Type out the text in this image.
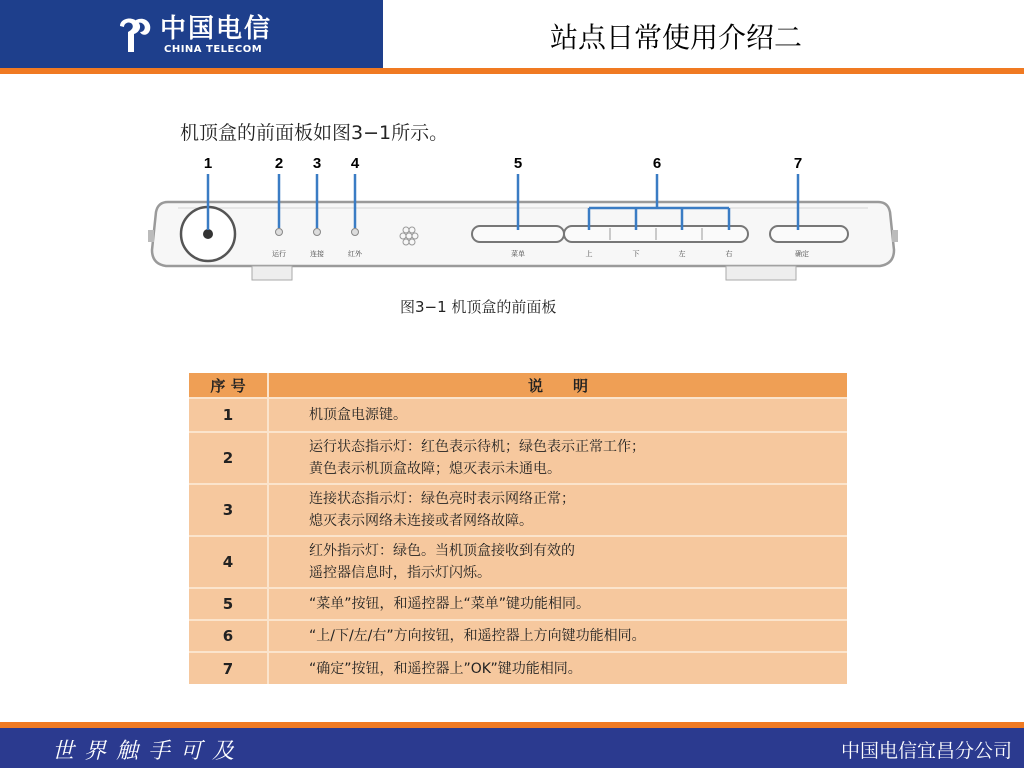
中国电信
CHINA TELECOM	站点日常使用介绍二
机顶盒的前面板如图3−1所示。
1	2 3 4	5	6	7
运行	连接	红外	菜单	上	下	左	右	确定
图3−1 机顶盒的前面板
序 号	说　　明
1	机顶盒电源键。

2	运行状态指示灯：红色表示待机；绿色表示正常工作；
黄色表示机顶盒故障；熄灭表示未通电。

3	连接状态指示灯：绿色亮时表示网络正常；
熄灭表示网络未连接或者网络故障。

4	红外指示灯：绿色。当机顶盒接收到有效的
遥控器信息时，指示灯闪烁。

5	“菜单”按钮，和遥控器上“菜单”键功能相同。

6	“上/下/左/右”方向按钮，和遥控器上方向键功能相同。

7	“确定”按钮，和遥控器上”OK”键功能相同。
世界触手可及	中国电信宜昌分公司
